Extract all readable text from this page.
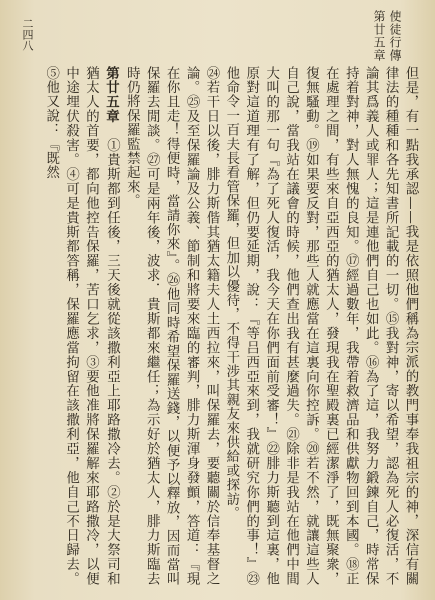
使徒行傳
第廿五章
二四八

但是，有一點我承認——我是依照他們稱為宗派的教門事奉我祖宗的神，深信有關律法的種種和各先知書所記載的一切。⑮我對神，寄以希望，認為死人必復活，不論其爲義人或罪人；這是連他們自己也如此。⑯為了這，我努力鍛鍊自己，時常保持着對神，對人無愧的良知。⑰經過數年，我帶着救濟品和供獻物回到本國。⑱正在處理之間，有些來自亞西亞的猶太人，發現我在聖殿裏已經潔淨了，既無聚衆，復無騷動。⑲如果要反對，那些人就應當在這裏向你控訴。⑳若不然，就讓這些人自己說，當我站在議會的時候，他們查出我有甚麼過失。㉑除非是我站在他們中間大叫的那一句『為了死人復活，我今天在你們面前受審！』㉒腓力斯聽到這裏，他原對這道理有了解，但仍要延期，說：『等吕西亞來到，我就研究你們的事！』㉓他命令一百夫長看管保羅，但加以優待，不得干涉其親友來供給或探訪。

㉔若干日以後，腓力斯偕其猶太籍夫人土西拉來，叫保羅去，要聽關於信奉基督之論。㉕及至保羅論及公義、節制和將要來臨的審判，腓力斯渾身發顫，答道：『現在你且走！得便時，當請你來』。㉖他同時希望保羅送錢，以便予以釋放，因而當叫保羅去閒談。㉗可是兩年後，波求．貴斯都來繼任；為示好於猶太人，腓力斯臨去時仍將保羅監禁起來。

第廿五章　①貴斯都到任後，三天後就從該撒利亞上耶路撒冷去。②於是大祭司和猶太人的首要，都向他控告保羅，苦口乞求，③要他准將保羅解來耶路撒冷，以便中途埋伏殺害。④可是貴斯都答稱，保羅應當拘留在該撒利亞，他自己不日歸去。⑤他又說：『既然
